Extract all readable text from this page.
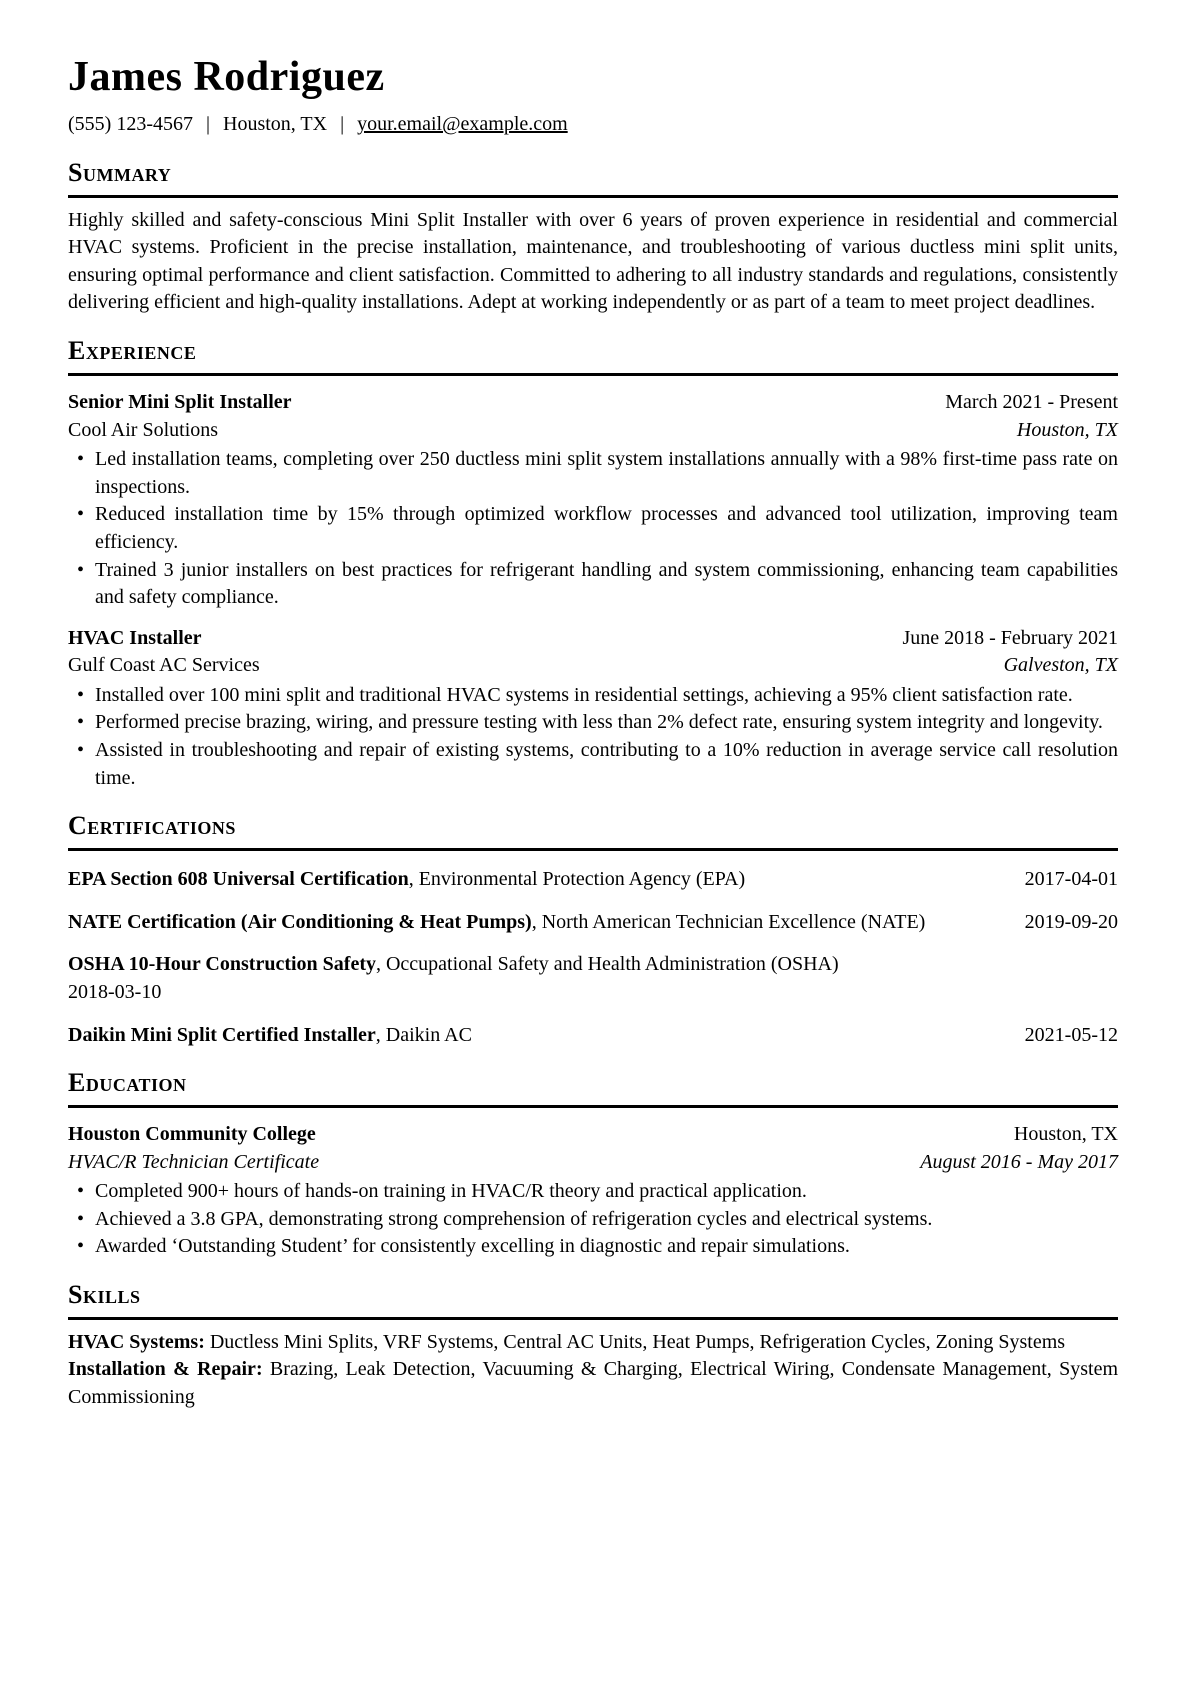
James Rodriguez
(555) 123-4567 | Houston, TX | your.email@example.com
Summary

Highly skilled and safety-conscious Mini Split Installer with over 6 years of proven experience in residential and commercial HVAC systems. Proficient in the precise installation, maintenance, and troubleshooting of various ductless mini split units, ensuring optimal performance and client satisfaction. Committed to adhering to all industry standards and regulations, consistently delivering efficient and high-quality installations. Adept at working independently or as part of a team to meet project deadlines.

Experience
Senior Mini Split Installer	March 2021 - Present
Cool Air Solutions	Houston, TX
• Led installation teams, completing over 250 ductless mini split system installations annually with a 98% first-time pass rate on inspections.
• Reduced installation time by 15% through optimized workflow processes and advanced tool utilization, improving team efficiency.
• Trained 3 junior installers on best practices for refrigerant handling and system commissioning, enhancing team capabilities and safety compliance.
HVAC Installer	June 2018 - February 2021
Gulf Coast AC Services	Galveston, TX
• Installed over 100 mini split and traditional HVAC systems in residential settings, achieving a 95% client satisfaction rate.
• Performed precise brazing, wiring, and pressure testing with less than 2% defect rate, ensuring system integrity and longevity.
• Assisted in troubleshooting and repair of existing systems, contributing to a 10% reduction in average service call resolution time.
Certifications
EPA Section 608 Universal Certification, Environmental Protection Agency (EPA)	2017-04-01
NATE Certification (Air Conditioning & Heat Pumps), North American Technician Excellence (NATE)	2019-09-20
OSHA 10-Hour Construction Safety, Occupational Safety and Health Administration (OSHA)
2018-03-10
Daikin Mini Split Certified Installer, Daikin AC	2021-05-12
Education
Houston Community College	Houston, TX
HVAC/R Technician Certificate	August 2016 - May 2017
• Completed 900+ hours of hands-on training in HVAC/R theory and practical application.
• Achieved a 3.8 GPA, demonstrating strong comprehension of refrigeration cycles and electrical systems.
• Awarded ‘Outstanding Student’ for consistently excelling in diagnostic and repair simulations.
Skills

HVAC Systems: Ductless Mini Splits, VRF Systems, Central AC Units, Heat Pumps, Refrigeration Cycles, Zoning Systems

Installation & Repair: Brazing, Leak Detection, Vacuuming & Charging, Electrical Wiring, Condensate Management, System Commissioning
